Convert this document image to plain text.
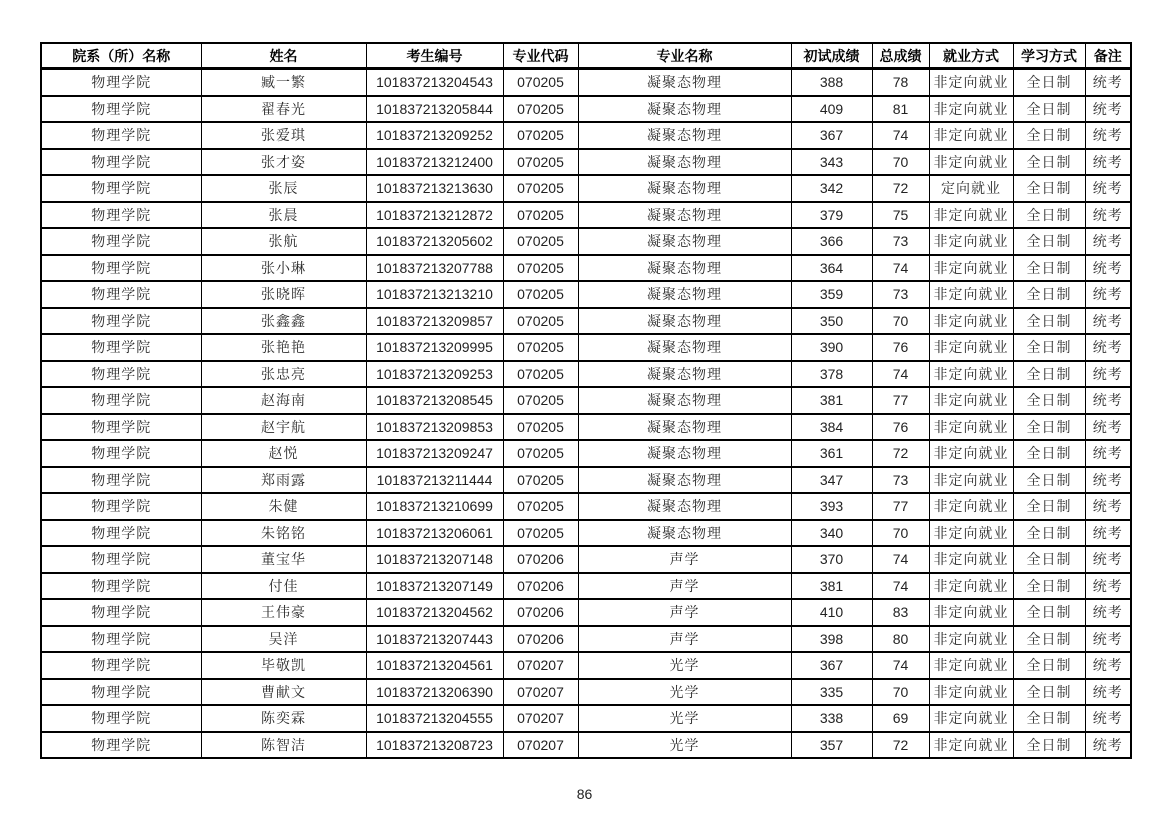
院系（所）名称	姓名	考生编号	专业代码	专业名称	初试成绩	总成绩	就业方式	学习方式	备注
物理学院	臧一繁	101837213204543	070205	凝聚态物理	388	78	非定向就业	全日制	统考
物理学院	翟春光	101837213205844	070205	凝聚态物理	409	81	非定向就业	全日制	统考
物理学院	张爱琪	101837213209252	070205	凝聚态物理	367	74	非定向就业	全日制	统考
物理学院	张才姿	101837213212400	070205	凝聚态物理	343	70	非定向就业	全日制	统考
物理学院	张辰	101837213213630	070205	凝聚态物理	342	72	定向就业	全日制	统考
物理学院	张晨	101837213212872	070205	凝聚态物理	379	75	非定向就业	全日制	统考
物理学院	张航	101837213205602	070205	凝聚态物理	366	73	非定向就业	全日制	统考
物理学院	张小琳	101837213207788	070205	凝聚态物理	364	74	非定向就业	全日制	统考
物理学院	张晓晖	101837213213210	070205	凝聚态物理	359	73	非定向就业	全日制	统考
物理学院	张鑫鑫	101837213209857	070205	凝聚态物理	350	70	非定向就业	全日制	统考
物理学院	张艳艳	101837213209995	070205	凝聚态物理	390	76	非定向就业	全日制	统考
物理学院	张忠亮	101837213209253	070205	凝聚态物理	378	74	非定向就业	全日制	统考
物理学院	赵海南	101837213208545	070205	凝聚态物理	381	77	非定向就业	全日制	统考
物理学院	赵宇航	101837213209853	070205	凝聚态物理	384	76	非定向就业	全日制	统考
物理学院	赵悦	101837213209247	070205	凝聚态物理	361	72	非定向就业	全日制	统考
物理学院	郑雨露	101837213211444	070205	凝聚态物理	347	73	非定向就业	全日制	统考
物理学院	朱健	101837213210699	070205	凝聚态物理	393	77	非定向就业	全日制	统考
物理学院	朱铭铭	101837213206061	070205	凝聚态物理	340	70	非定向就业	全日制	统考
物理学院	董宝华	101837213207148	070206	声学	370	74	非定向就业	全日制	统考
物理学院	付佳	101837213207149	070206	声学	381	74	非定向就业	全日制	统考
物理学院	王伟豪	101837213204562	070206	声学	410	83	非定向就业	全日制	统考
物理学院	吴洋	101837213207443	070206	声学	398	80	非定向就业	全日制	统考
物理学院	毕敬凯	101837213204561	070207	光学	367	74	非定向就业	全日制	统考
物理学院	曹献文	101837213206390	070207	光学	335	70	非定向就业	全日制	统考
物理学院	陈奕霖	101837213204555	070207	光学	338	69	非定向就业	全日制	统考
物理学院	陈智洁	101837213208723	070207	光学	357	72	非定向就业	全日制	统考
86
